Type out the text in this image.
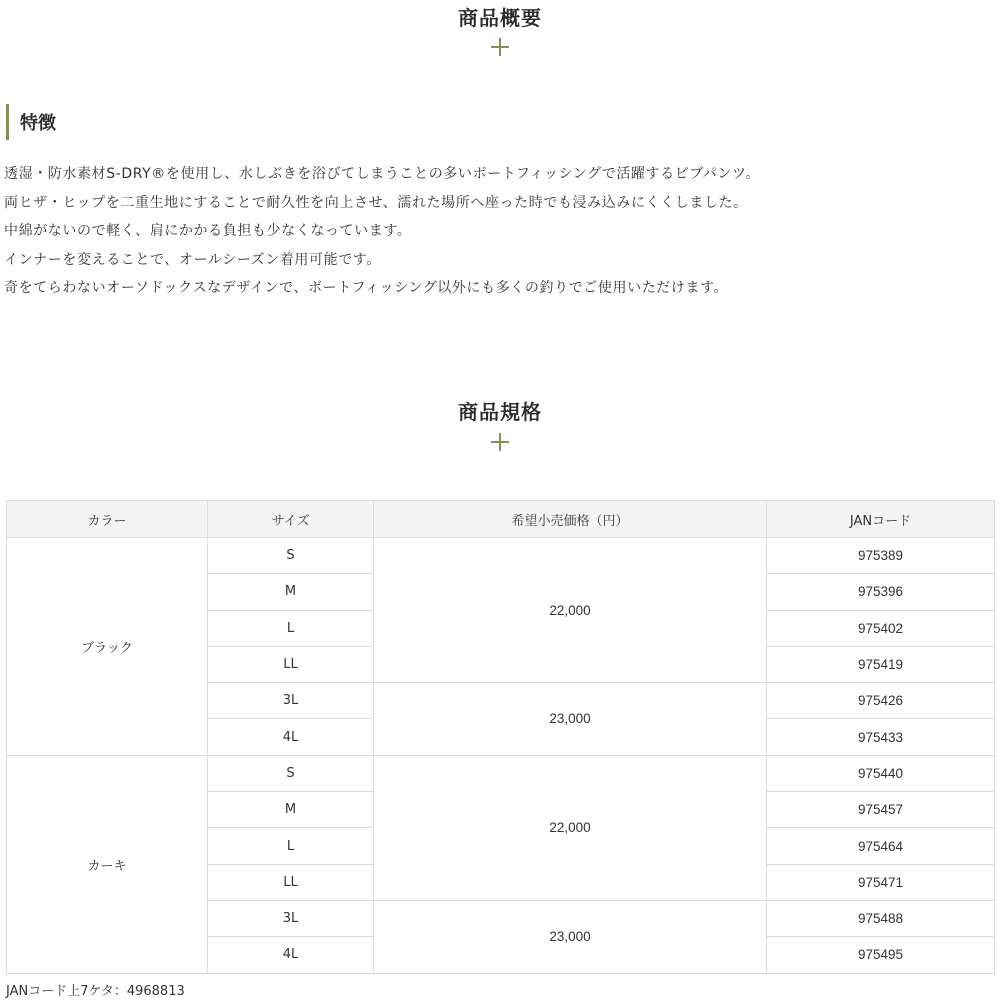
商品概要
特徴
透湿・防水素材S-DRY®を使用し、水しぶきを浴びてしまうことの多いボートフィッシングで活躍するビブパンツ。
両ヒザ・ヒップを二重生地にすることで耐久性を向上させ、濡れた場所へ座った時でも浸み込みにくくしました。
中綿がないので軽く、肩にかかる負担も少なくなっています。
インナーを変えることで、オールシーズン着用可能です。
奇をてらわないオーソドックスなデザインで、ボートフィッシング以外にも多くの釣りでご使用いただけます。
商品規格
カラー	サイズ	希望小売価格（円）	JANコード
ブラック	S	22,000	975389
	M		975396
	L		975402
	LL		975419
	3L	23,000	975426
	4L		975433
カーキ	S	22,000	975440
	M		975457
	L		975464
	LL		975471
	3L	23,000	975488
	4L		975495
JANコード上7ケタ：4968813
